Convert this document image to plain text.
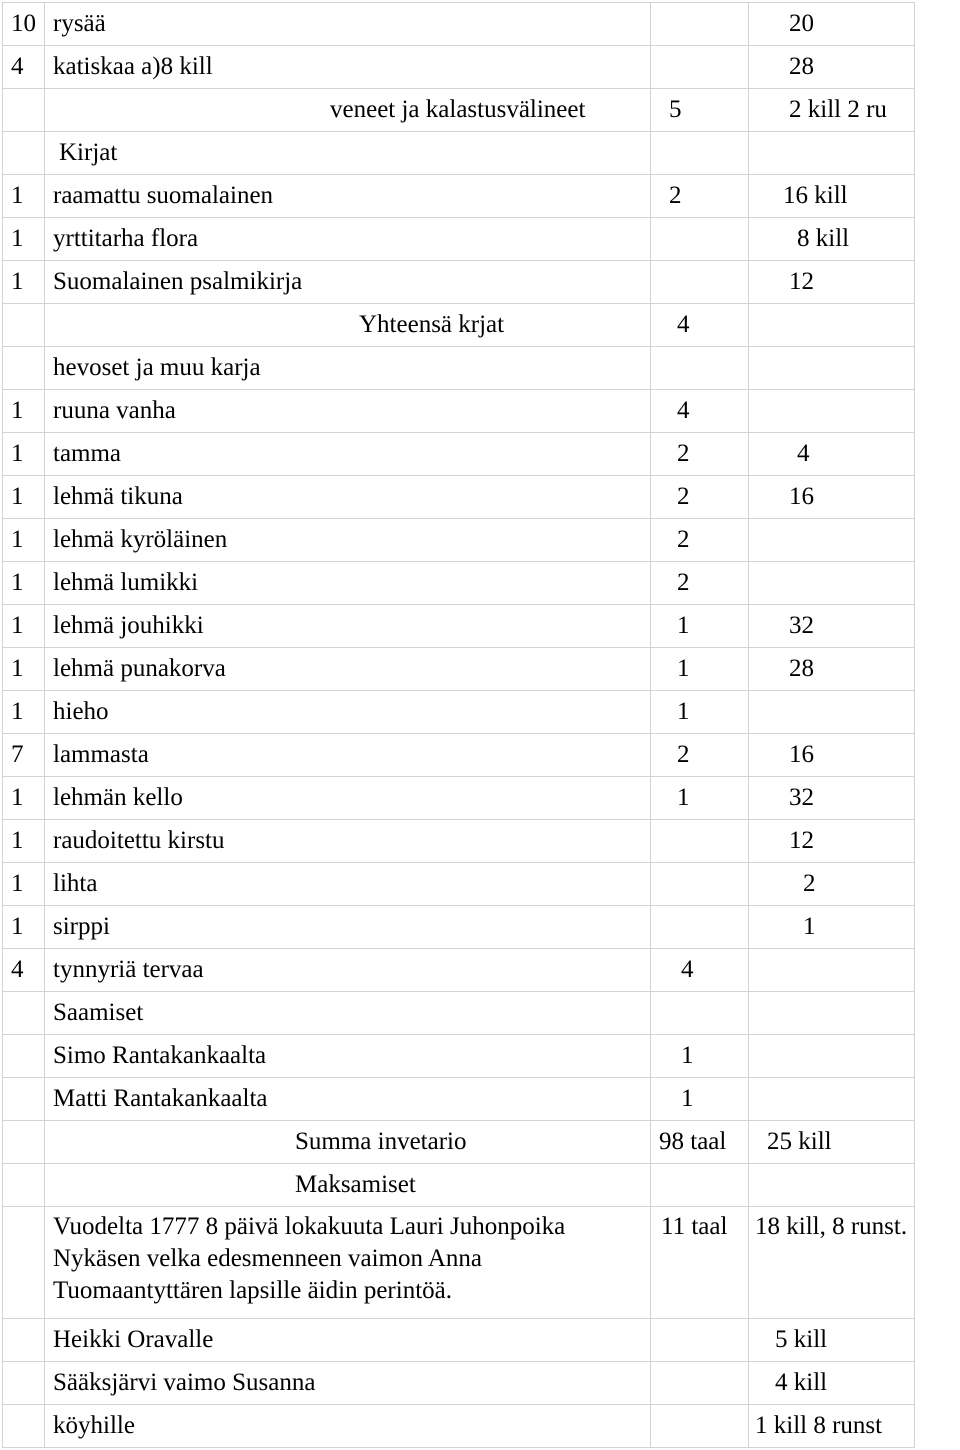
10	rysää		20
4	katiskaa a)8 kill		28
	veneet ja kalastusvälineet	5	2 kill 2 ru
	Kirjat		
1	raamattu suomalainen	2	16 kill
1	yrttitarha flora		8 kill
1	Suomalainen psalmikirja		12
	Yhteensä krjat	4	
	hevoset ja muu karja		
1	ruuna vanha	4	
1	tamma	2	4
1	lehmä tikuna	2	16
1	lehmä kyröläinen	2	
1	lehmä lumikki	2	
1	lehmä jouhikki	1	32
1	lehmä punakorva	1	28
1	hieho	1	
7	lammasta	2	16
1	lehmän kello	1	32
1	raudoitettu kirstu		12
1	lihta		2
1	sirppi		1
4	tynnyriä tervaa	4	
	Saamiset		
	Simo Rantakankaalta	1	
	Matti Rantakankaalta	1	
	Summa invetario	98 taal	25 kill
	Maksamiset		
	Vuodelta 1777 8 päivä lokakuuta Lauri Juhonpoika Nykäsen velka edesmenneen vaimon Anna Tuomaantyttären lapsille äidin perintöä.	11 taal	18 kill, 8 runst.
	Heikki Oravalle		5 kill
	Sääksjärvi vaimo Susanna		4 kill
	köyhille		1 kill 8 runst
